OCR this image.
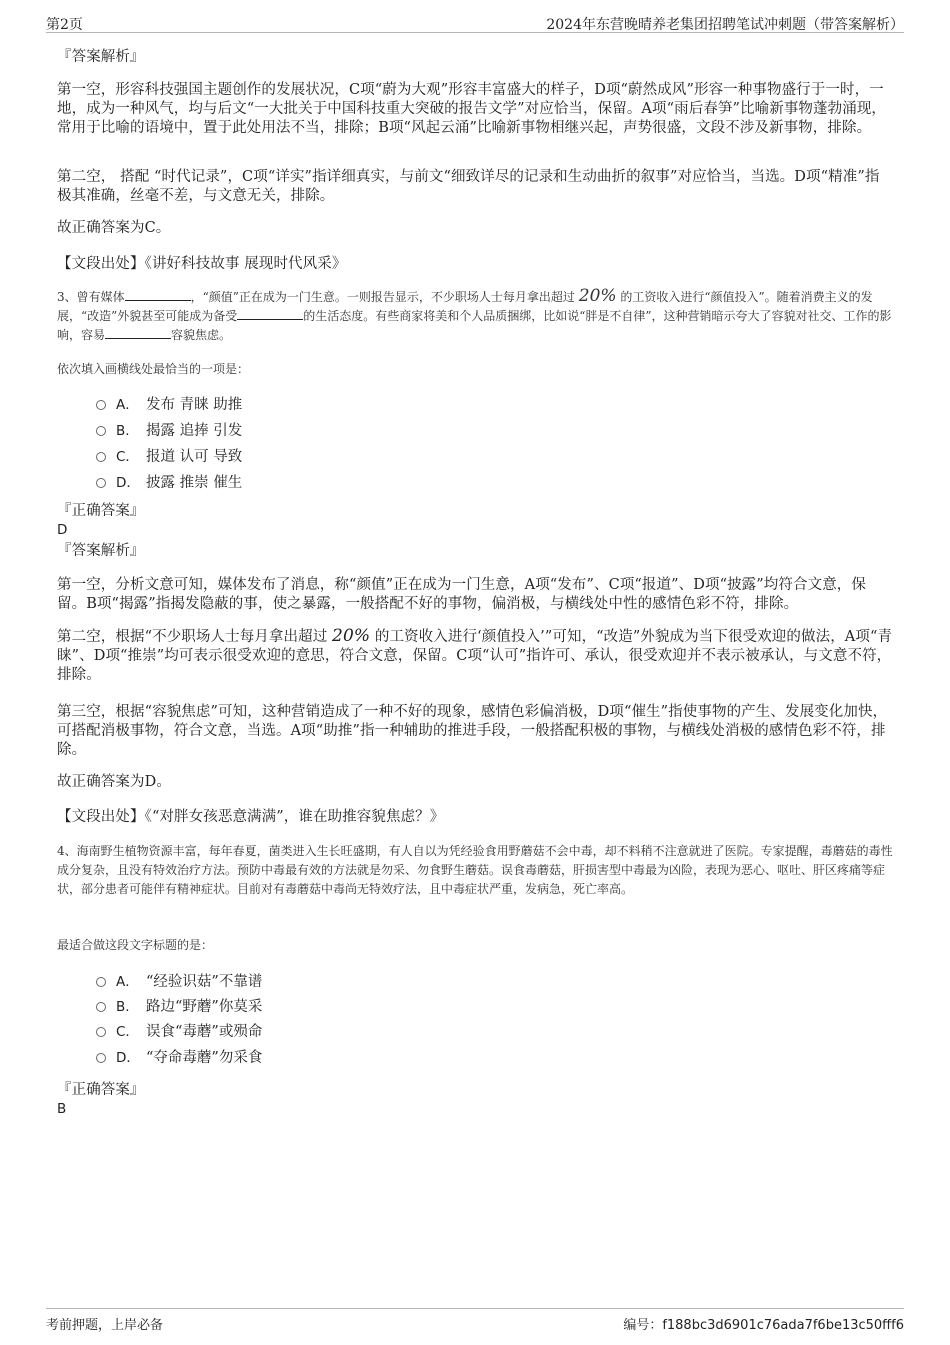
第2页	2024年东营晚晴养老集团招聘笔试冲刺题（带答案解析）
『答案解析』
第一空，形容科技强国主题创作的发展状况，C项“蔚为大观”形容丰富盛大的样子，D项“蔚然成风”形容一种事物盛行于一时，一地，成为一种风气，均与后文“一大批关于中国科技重大突破的报告文学”对应恰当，保留。A项“雨后春笋”比喻新事物蓬勃涌现，常用于比喻的语境中，置于此处用法不当，排除；B项“风起云涌”比喻新事物相继兴起，声势很盛，文段不涉及新事物，排除。
第二空， 搭配 “时代记录”，C项“详实”指详细真实，与前文“细致详尽的记录和生动曲折的叙事”对应恰当，当选。D项“精准”指 极其准确，丝毫不差，与文意无关，排除。
故正确答案为C。
【文段出处】《讲好科技故事 展现时代风采》
3、曾有媒体	，“颜值”正在成为一门生意。一则报告显示，不少职场人士每月拿出超过 20% 的工资收入进行“颜值投入”。随着消费主义的发展，“改造”外貌甚至可能成为备受	的生活态度。有些商家将美和个人品质捆绑，比如说“胖是不自律”，这种营销暗示夸大了容貌对社交、工作的影响，容易	容貌焦虑。
依次填入画横线处最恰当的一项是：
A． 发布 青睐 助推
B． 揭露 追捧 引发
C． 报道 认可 导致
D． 披露 推崇 催生
『正确答案』
D
『答案解析』
第一空，分析文意可知，媒体发布了消息，称“颜值”正在成为一门生意，A项“发布”、C项“报道”、D项“披露”均符合文意，保留。B项“揭露”指揭发隐蔽的事，使之暴露，一般搭配不好的事物，偏消极，与横线处中性的感情色彩不符，排除。
第二空，根据“不少职场人士每月拿出超过 20% 的工资收入进行‘颜值投入’”可知，“改造”外貌成为当下很受欢迎的做法，A项“青睐”、D项“推崇”均可表示很受欢迎的意思，符合文意，保留。C项“认可”指许可、承认，很受欢迎并不表示被承认，与文意不符，排除。
第三空，根据“容貌焦虑”可知，这种营销造成了一种不好的现象，感情色彩偏消极，D项“催生”指使事物的产生、发展变化加快，可搭配消极事物，符合文意，当选。A项“助推”指一种辅助的推进手段，一般搭配积极的事物，与横线处消极的感情色彩不符，排除。
故正确答案为D。
【文段出处】《“对胖女孩恶意满满”，谁在助推容貌焦虑？》
4、海南野生植物资源丰富，每年春夏，菌类进入生长旺盛期，有人自以为凭经验食用野蘑菇不会中毒，却不料稍不注意就进了医院。专家提醒，毒蘑菇的毒性成分复杂，且没有特效治疗方法。预防中毒最有效的方法就是勿采、勿食野生蘑菇。误食毒蘑菇，肝损害型中毒最为凶险，表现为恶心、呕吐、肝区疼痛等症状，部分患者可能伴有精神症状。目前对有毒蘑菇中毒尚无特效疗法，且中毒症状严重，发病急，死亡率高。
最适合做这段文字标题的是：
A． “经验识菇”不靠谱
B． 路边“野蘑”你莫采
C． 误食“毒蘑”或殒命
D． “夺命毒蘑”勿采食
『正确答案』
B
考前押题，上岸必备	编号：f188bc3d6901c76ada7f6be13c50fff6
